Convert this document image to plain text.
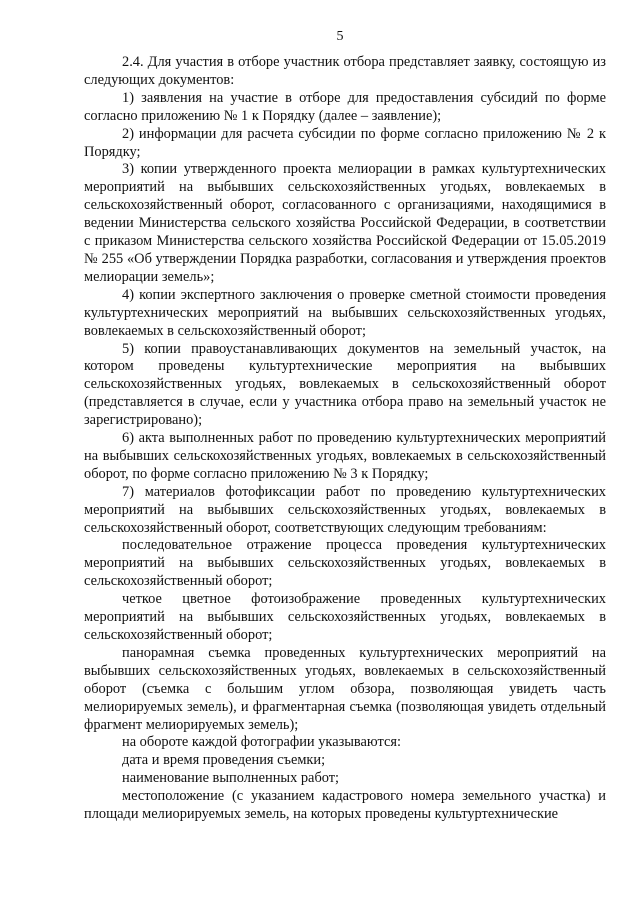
5

2.4. Для участия в отборе участник отбора представляет заявку, состоящую из следующих документов:

1) заявления на участие в отборе для предоставления субсидий по форме согласно приложению № 1 к Порядку (далее – заявление);

2) информации для расчета субсидии по форме согласно приложению № 2 к Порядку;

3) копии утвержденного проекта мелиорации в рамках культуртехнических мероприятий на выбывших сельскохозяйственных угодьях, вовлекаемых в сельскохозяйственный оборот, согласованного с организациями, находящимися в ведении Министерства сельского хозяйства Российской Федерации, в соответствии с приказом Министерства сельского хозяйства Российской Федерации от 15.05.2019 № 255 «Об утверждении Порядка разработки, согласования и утверждения проектов мелиорации земель»;

4) копии экспертного заключения о проверке сметной стоимости проведения культуртехнических мероприятий на выбывших сельскохозяйственных угодьях, вовлекаемых в сельскохозяйственный оборот;

5) копии правоустанавливающих документов на земельный участок, на котором проведены культуртехнические мероприятия на выбывших сельскохозяйственных угодьях, вовлекаемых в сельскохозяйственный оборот (представляется в случае, если у участника отбора право на земельный участок не зарегистрировано);

6) акта выполненных работ по проведению культуртехнических мероприятий на выбывших сельскохозяйственных угодьях, вовлекаемых в сельскохозяйственный оборот, по форме согласно приложению № 3 к Порядку;

7) материалов фотофиксации работ по проведению культуртехнических мероприятий на выбывших сельскохозяйственных угодьях, вовлекаемых в сельскохозяйственный оборот, соответствующих следующим требованиям:

последовательное отражение процесса проведения культуртехнических мероприятий на выбывших сельскохозяйственных угодьях, вовлекаемых в сельскохозяйственный оборот;

четкое цветное фотоизображение проведенных культуртехнических мероприятий на выбывших сельскохозяйственных угодьях, вовлекаемых в сельскохозяйственный оборот;

панорамная съемка проведенных культуртехнических мероприятий на выбывших сельскохозяйственных угодьях, вовлекаемых в сельскохозяйственный оборот (съемка с большим углом обзора, позволяющая увидеть часть мелиорируемых земель), и фрагментарная съемка (позволяющая увидеть отдельный фрагмент мелиорируемых земель);

на обороте каждой фотографии указываются:

дата и время проведения съемки;

наименование выполненных работ;

местоположение (с указанием кадастрового номера земельного участка) и площади мелиорируемых земель, на которых проведены культуртехнические
